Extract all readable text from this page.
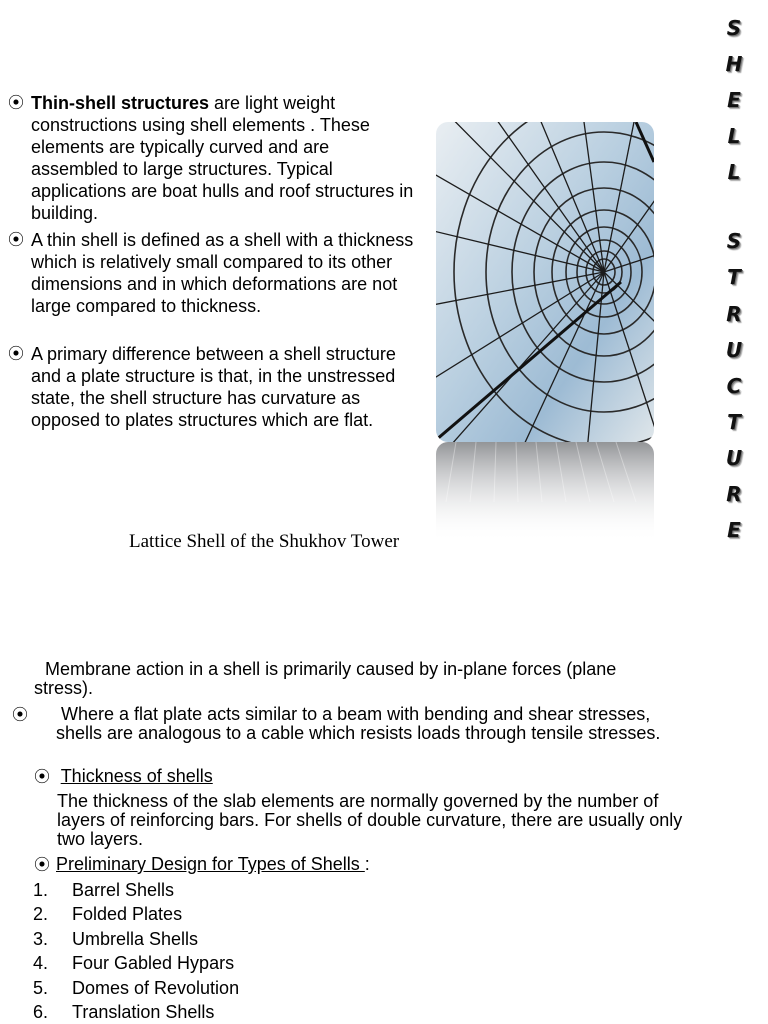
⦿ Thin-shell structures are light weight constructions using shell elements . These elements are typically curved and are assembled to large structures. Typical applications are boat hulls and roof structures in building.
⦿ A thin shell is defined as a shell with a thickness which is relatively small compared to its other dimensions and in which deformations are not large compared to thickness.
⦿ A primary difference between a shell structure and a plate structure is that, in the unstressed state, the shell structure has curvature as opposed to plates structures which are flat.
Lattice Shell of the Shukhov Tower
S
H
E
L
L
S
T
R
U
C
T
U
R
E
Membrane action in a shell is primarily caused by in-plane forces (plane stress).
⦿ Where a flat plate acts similar to a beam with bending and shear stresses, shells are analogous to a cable which resists loads through tensile stresses.
⦿ Thickness of shells
The thickness of the slab elements are normally governed by the number of layers of reinforcing bars. For shells of double curvature, there are usually only two layers.
⦿ Preliminary Design for Types of Shells :
1. Barrel Shells
2. Folded Plates
3. Umbrella Shells
4. Four Gabled Hypars
5. Domes of Revolution
6. Translation Shells
